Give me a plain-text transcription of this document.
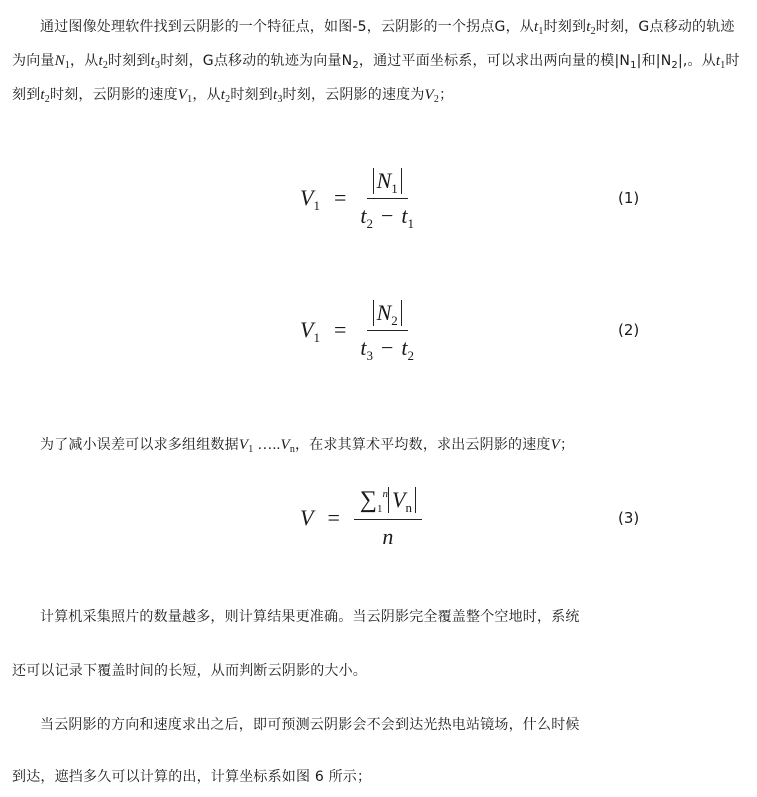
通过图像处理软件找到云阴影的一个特征点，如图-5，云阴影的一个拐点G，从$t_1$时刻到$t_2$时刻，G点移动的轨迹为向量$N_1$，从$t_2$时刻到$t_3$时刻，G点移动的轨迹为向量$N_2$，通过平面坐标系，可以求出两向量的模$|N_1|$和$|N_2|$,。从$t_1$时刻到$t_2$时刻，云阴影的速度$V_1$，从$t_2$时刻到$t_3$时刻，云阴影的速度为$V_2$；
$V_1 = \frac{N_1}{t_2 - t_1}$	(1)
$V_1 = \frac{N_2}{t_3 - t_2}$	(2)
为了减小误差可以求多组组数据$V_1$ $\dots..V_n$，在求其算术平均数，求出云阴影的速度V；
$V = \frac{\sum_1^n V_n}{n}$	(3)
计算机采集照片的数量越多，则计算结果更准确。当云阴影完全覆盖整个空地时，系统
还可以记录下覆盖时间的长短，从而判断云阴影的大小。
当云阴影的方向和速度求出之后，即可预测云阴影会不会到达光热电站镜场，什么时候
到达，遮挡多久可以计算的出，计算坐标系如图 6 所示；
